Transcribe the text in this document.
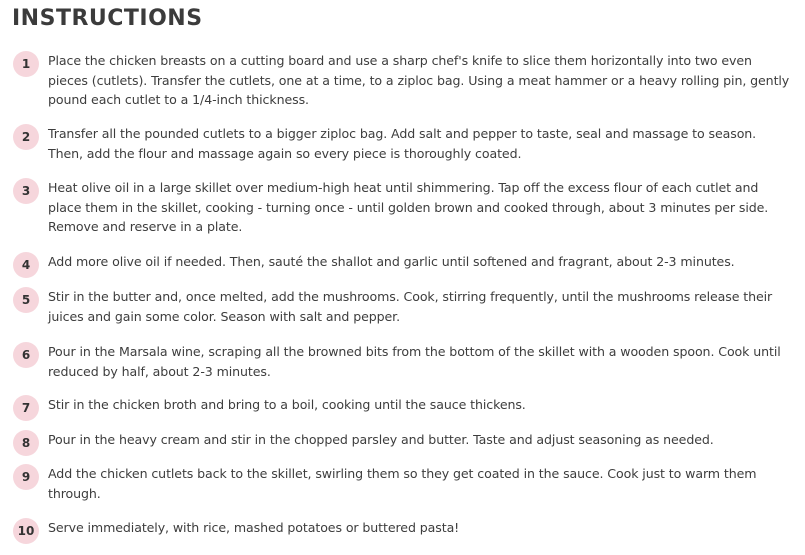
INSTRUCTIONS
1	Place the chicken breasts on a cutting board and use a sharp chef's knife to slice them horizontally into two even pieces (cutlets). Transfer the cutlets, one at a time, to a ziploc bag. Using a meat hammer or a heavy rolling pin, gently pound each cutlet to a 1/4-inch thickness.
2	Transfer all the pounded cutlets to a bigger ziploc bag. Add salt and pepper to taste, seal and massage to season. Then, add the flour and massage again so every piece is thoroughly coated.
3	Heat olive oil in a large skillet over medium-high heat until shimmering. Tap off the excess flour of each cutlet and place them in the skillet, cooking - turning once - until golden brown and cooked through, about 3 minutes per side. Remove and reserve in a plate.
4	Add more olive oil if needed. Then, sauté the shallot and garlic until softened and fragrant, about 2-3 minutes.
5	Stir in the butter and, once melted, add the mushrooms. Cook, stirring frequently, until the mushrooms release their juices and gain some color. Season with salt and pepper.
6	Pour in the Marsala wine, scraping all the browned bits from the bottom of the skillet with a wooden spoon. Cook until reduced by half, about 2-3 minutes.
7	Stir in the chicken broth and bring to a boil, cooking until the sauce thickens.
8	Pour in the heavy cream and stir in the chopped parsley and butter. Taste and adjust seasoning as needed.
9	Add the chicken cutlets back to the skillet, swirling them so they get coated in the sauce. Cook just to warm them through.
10	Serve immediately, with rice, mashed potatoes or buttered pasta!
